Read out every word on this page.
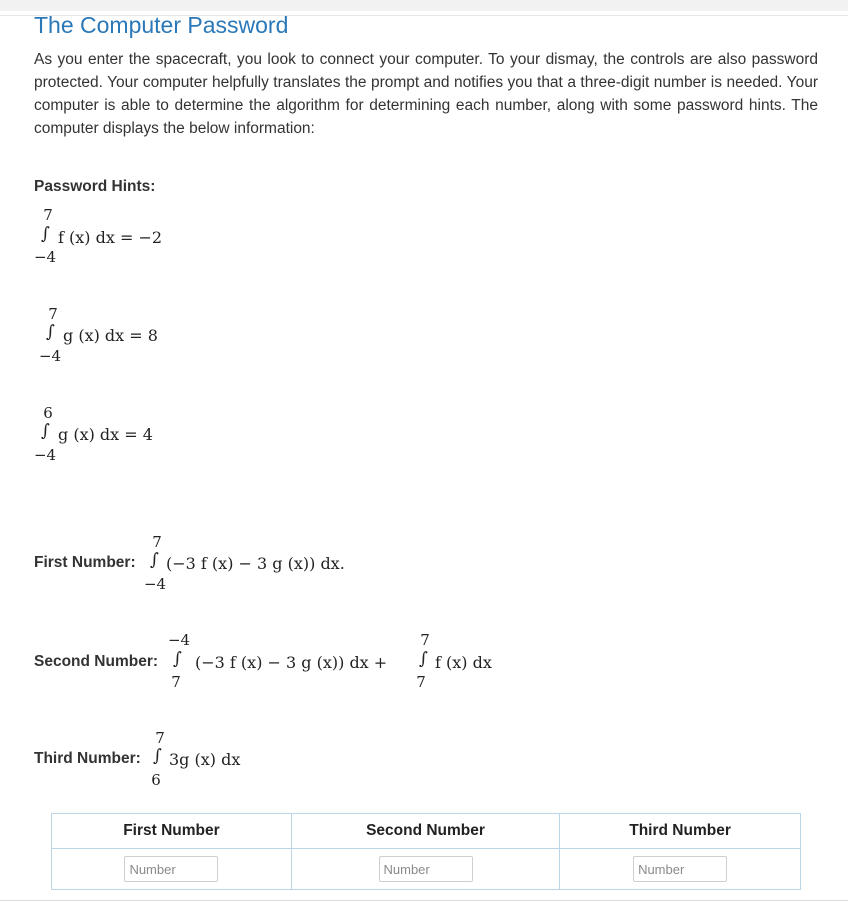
The Computer Password

As you enter the spacecraft, you look to connect your computer. To your dismay, the controls are also password protected. Your computer helpfully translates the prompt and notifies you that a three-digit number is needed. Your computer is able to determine the algorithm for determining each number, along with some password hints. The computer displays the below information:

Password Hints:
7
∫ f (x) dx = −2
−4
7
∫ g (x) dx = 8
−4
6
∫ g (x) dx = 4
−4
First Number:
7
∫ (−3 f (x) − 3 g (x)) dx.
−4
Second Number:
−4
∫ (−3 f (x) − 3 g (x)) dx +
7
7
∫ f (x) dx
7
Third Number:
7
∫ 3g (x) dx
6
First Number	Second Number	Third Number
Number	Number	Number
